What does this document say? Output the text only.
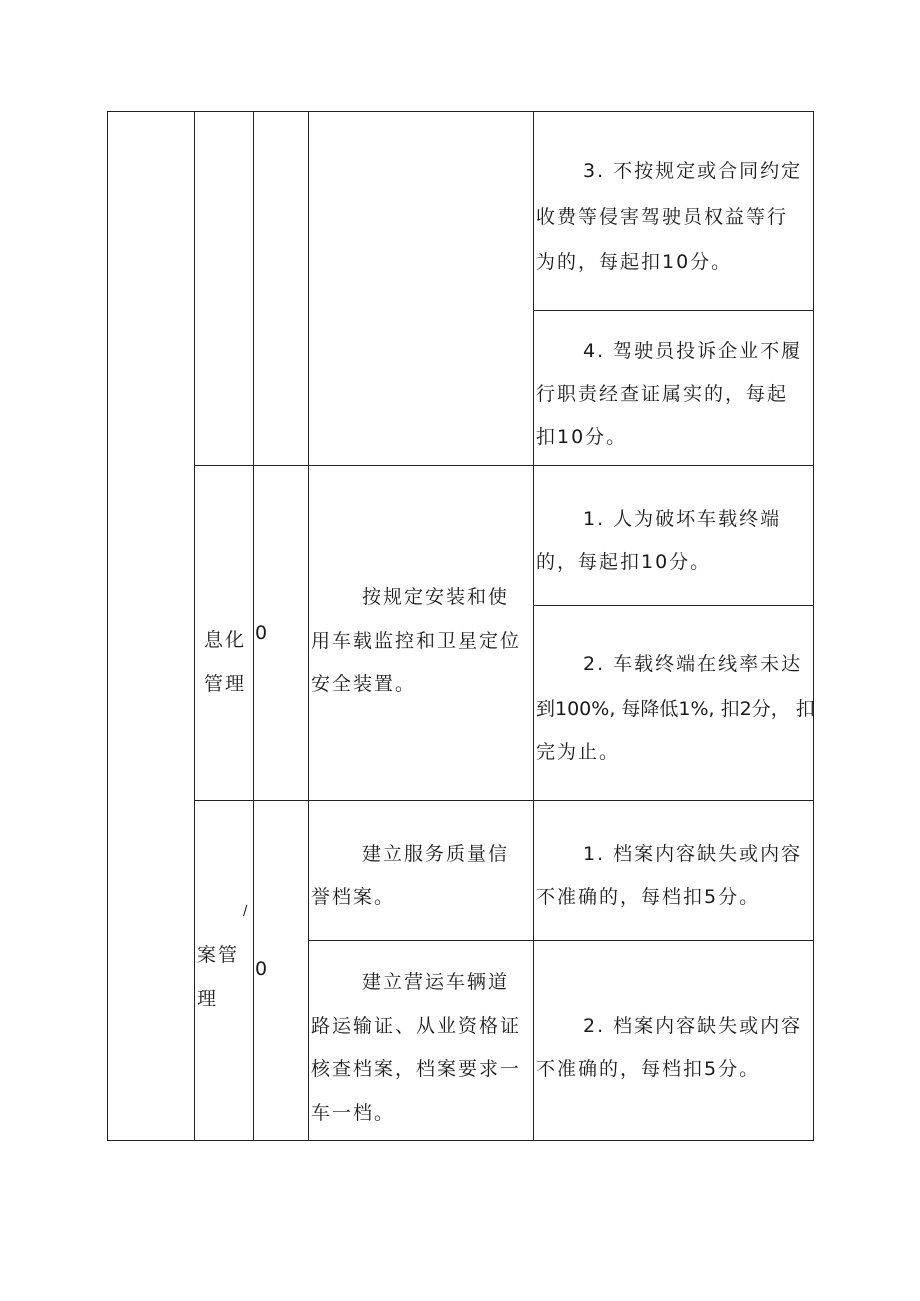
3. 不按规定或合同约定
收费等侵害驾驶员权益等行
为的，每起扣10分。
4. 驾驶员投诉企业不履
行职责经查证属实的，每起
扣10分。
息化
管理
0
按规定安装和使
用车载监控和卫星定位
安全装置。
1. 人为破坏车载终端
的，每起扣10分。
2. 车载终端在线率未达
到100%, 每降低1%, 扣2分， 扣
完为止。
/
案管
理
0
建立服务质量信
誉档案。
1. 档案内容缺失或内容
不准确的，每档扣5分。
建立营运车辆道
路运输证、从业资格证
核查档案，档案要求一
车一档。
2. 档案内容缺失或内容
不准确的，每档扣5分。
